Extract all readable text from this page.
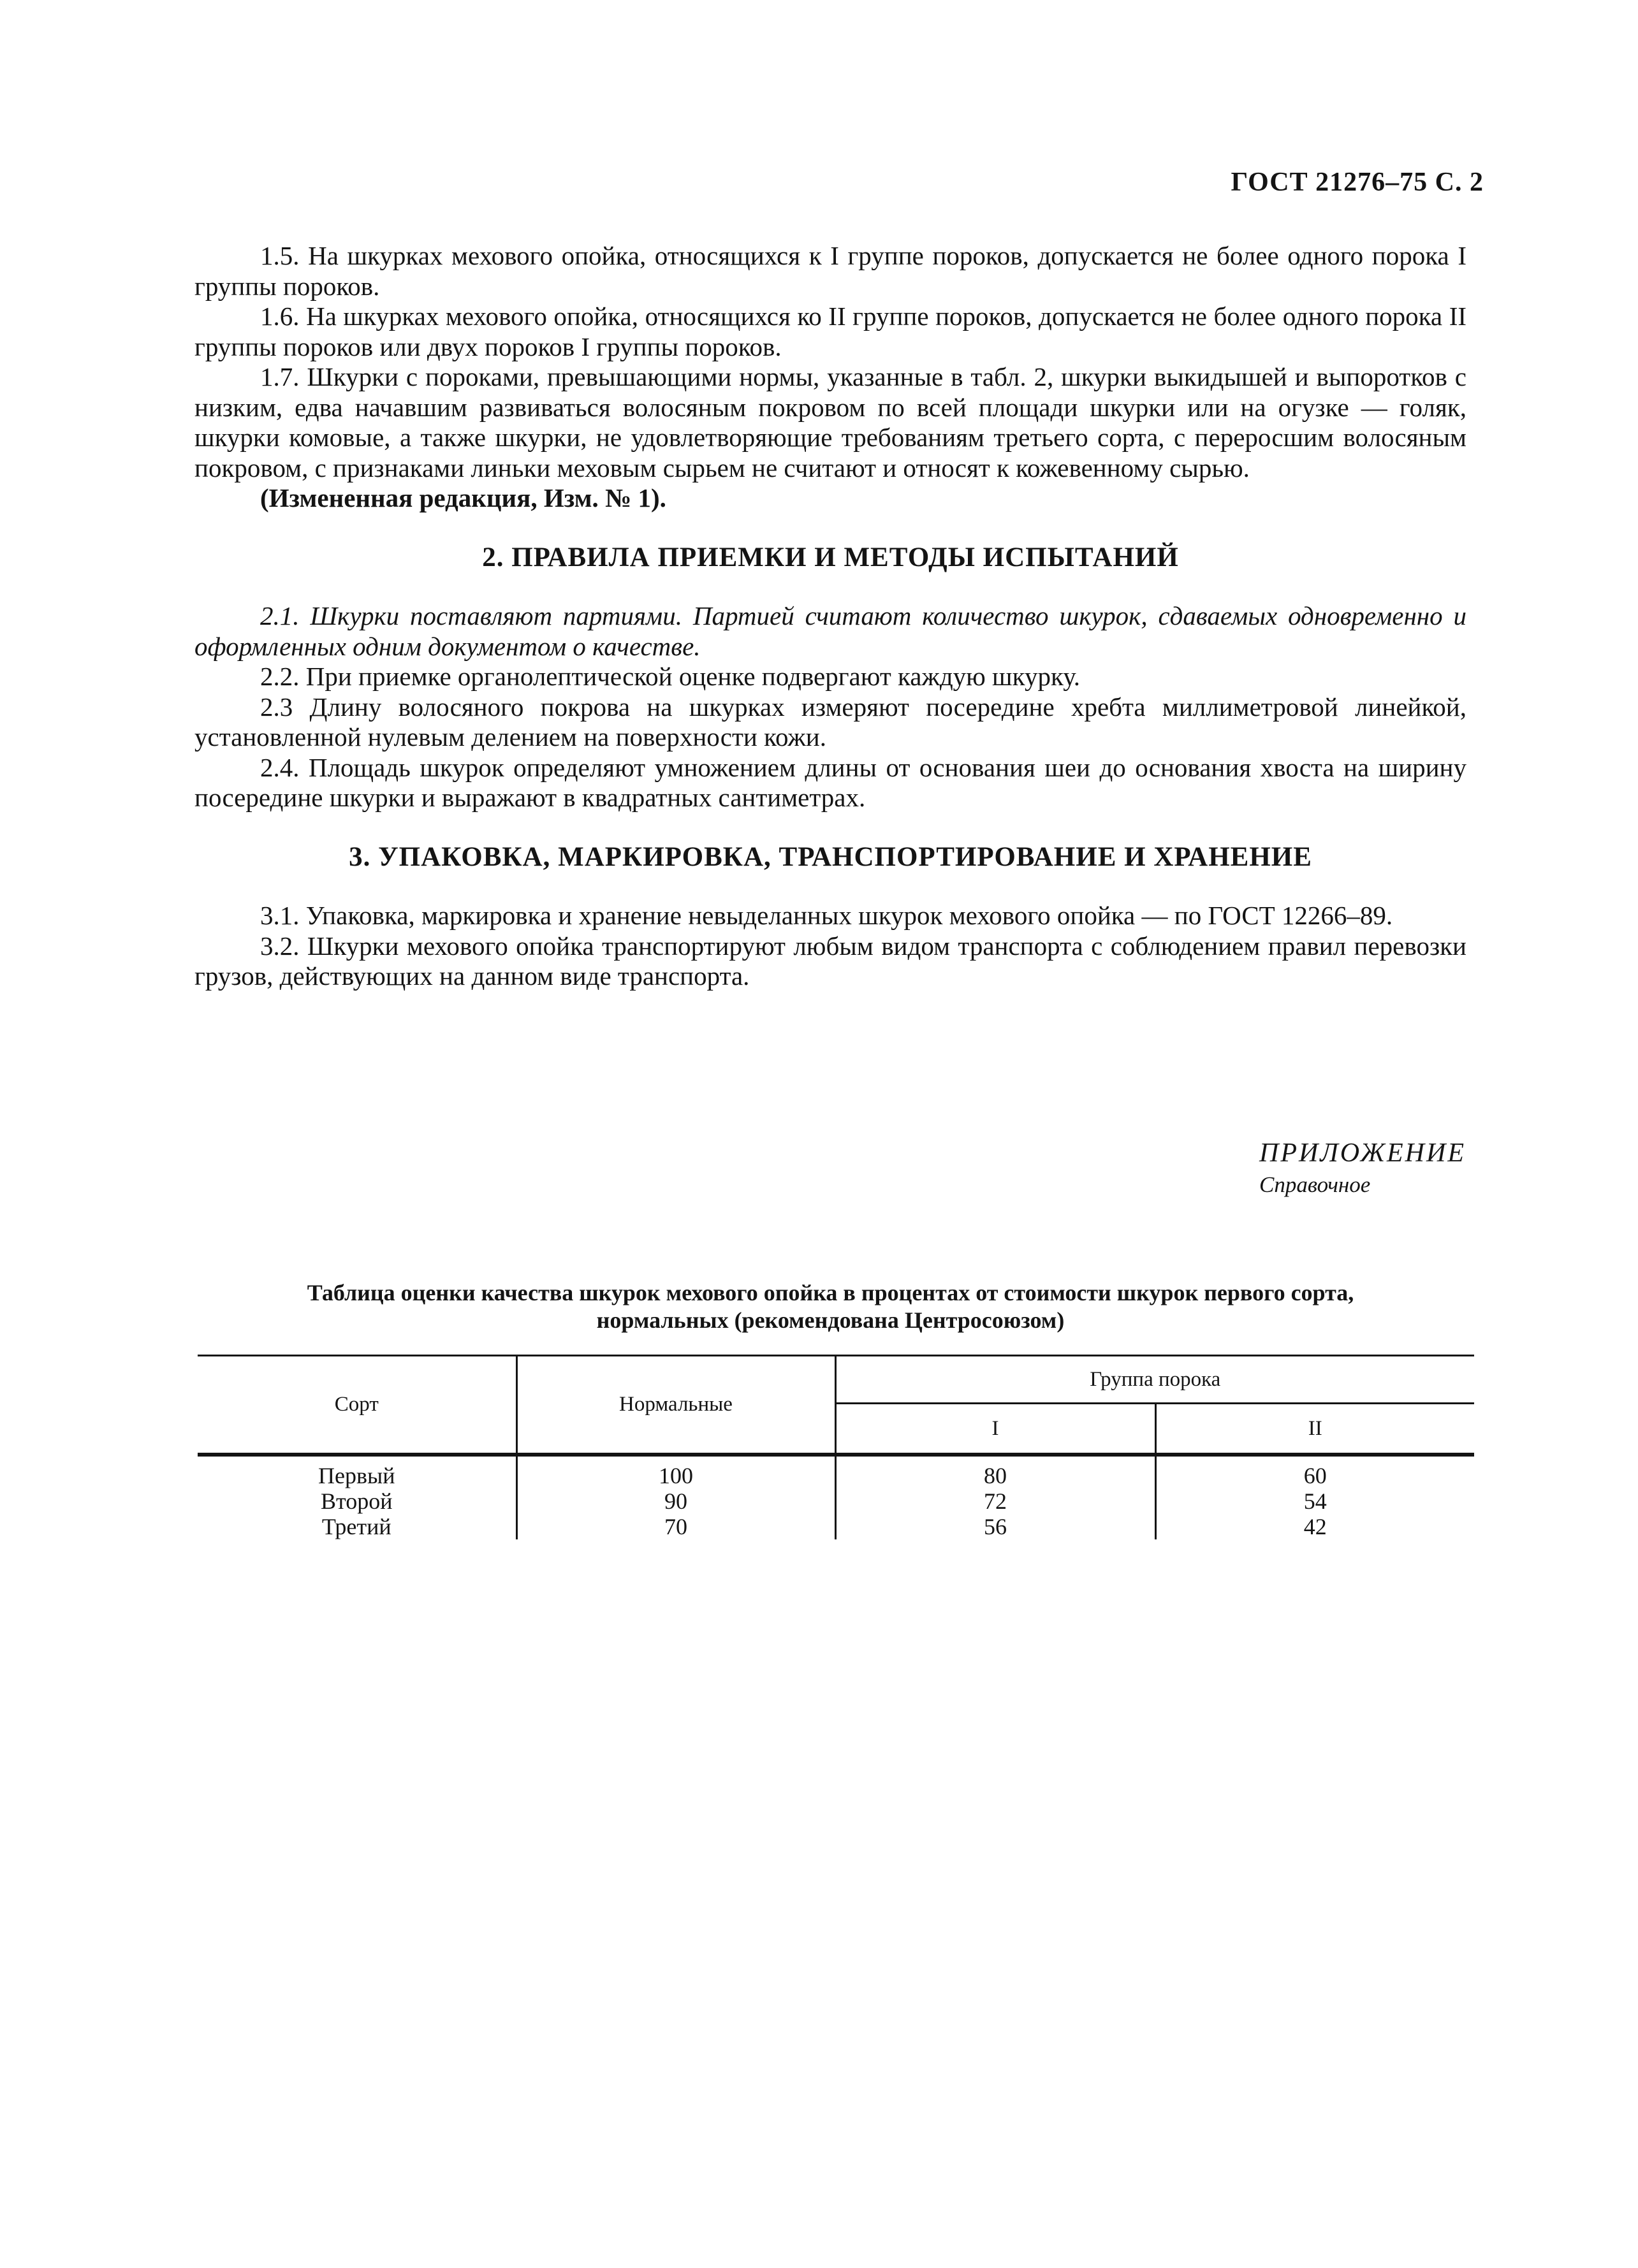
ГОСТ 21276–75 С. 2

1.5. На шкурках мехового опойка, относящихся к I группе пороков, допускается не более одного порока I группы пороков.

1.6. На шкурках мехового опойка, относящихся ко II группе пороков, допускается не более одного порока II группы пороков или двух пороков I группы пороков.

1.7. Шкурки с пороками, превышающими нормы, указанные в табл. 2, шкурки выкидышей и выпоротков с низким, едва начавшим развиваться волосяным покровом по всей площади шкурки или на огузке — голяк, шкурки комовые, а также шкурки, не удовлетворяющие требованиям третьего сорта, с переросшим волосяным покровом, с признаками линьки меховым сырьем не считают и относят к кожевенному сырью.

(Измененная редакция, Изм. № 1).

2. ПРАВИЛА ПРИЕМКИ И МЕТОДЫ ИСПЫТАНИЙ

2.1. Шкурки поставляют партиями. Партией считают количество шкурок, сдаваемых одновременно и оформленных одним документом о качестве.

2.2. При приемке органолептической оценке подвергают каждую шкурку.

2.3 Длину волосяного покрова на шкурках измеряют посередине хребта миллиметровой линейкой, установленной нулевым делением на поверхности кожи.

2.4. Площадь шкурок определяют умножением длины от основания шеи до основания хвоста на ширину посередине шкурки и выражают в квадратных сантиметрах.

3. УПАКОВКА, МАРКИРОВКА, ТРАНСПОРТИРОВАНИЕ И ХРАНЕНИЕ

3.1. Упаковка, маркировка и хранение невыделанных шкурок мехового опойка — по ГОСТ 12266–89.

3.2. Шкурки мехового опойка транспортируют любым видом транспорта с соблюдением правил перевозки грузов, действующих на данном виде транспорта.

ПРИЛОЖЕНИЕ
Справочное
Таблица оценки качества шкурок мехового опойка в процентах от стоимости шкурок первого сорта,
нормальных (рекомендована Центросоюзом)
Сорт	Нормальные	Группа порока	
		I	II
Первый	100	80	60
Второй	90	72	54
Третий	70	56	42
